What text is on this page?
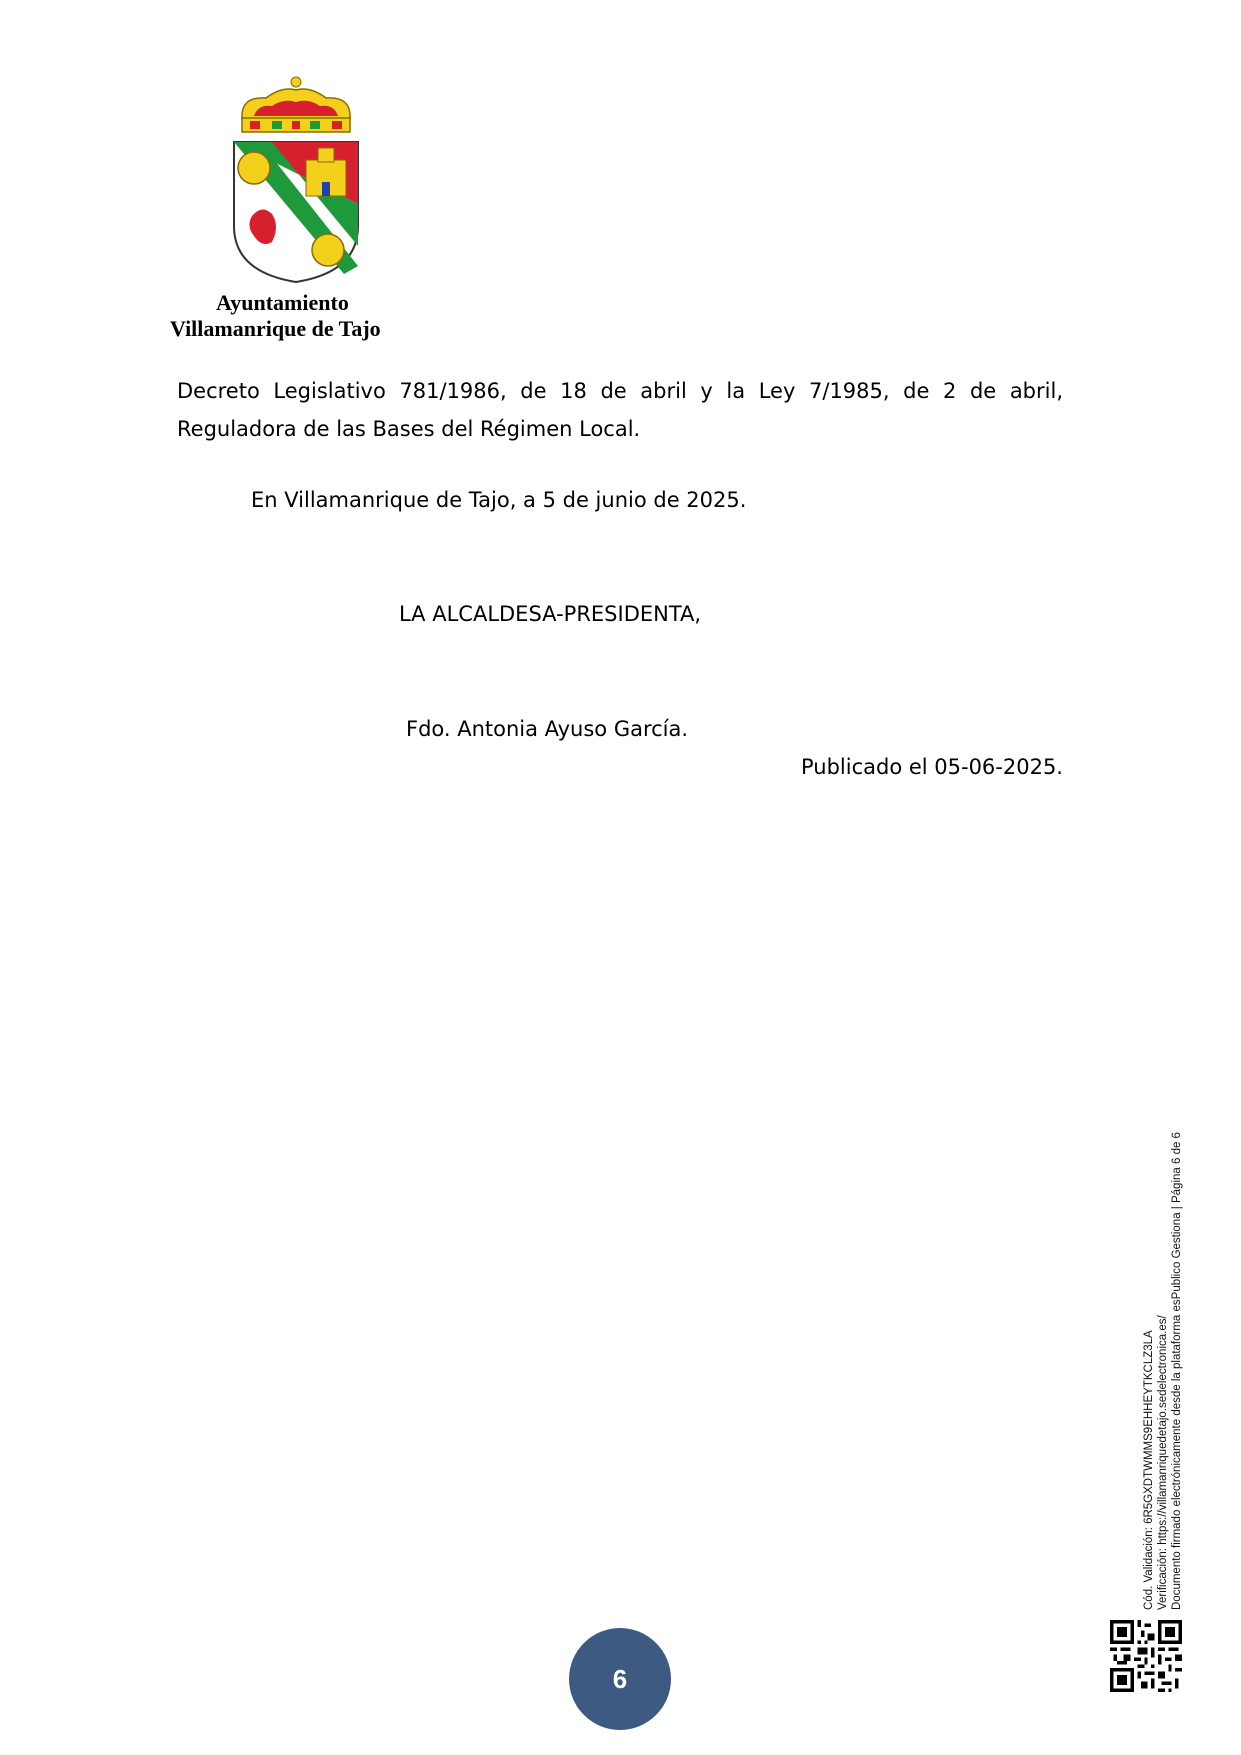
Ayuntamiento
Villamanrique de Tajo
Decreto Legislativo 781/1986, de 18 de abril y la Ley 7/1985, de 2 de abril,
Reguladora de las Bases del Régimen Local.
En Villamanrique de Tajo, a 5 de junio de 2025.
LA ALCALDESA-PRESIDENTA,
Fdo. Antonia Ayuso García.
Publicado el 05-06-2025.
Cód. Validación: 6R5GXDTWMMS9EHHEYTKCLZ3LA Verificación: https://villamanriquedetajo.sedelectronica.es/ Documento firmado electrónicamente desde la plataforma esPublico Gestiona | Página 6 de 6
6
